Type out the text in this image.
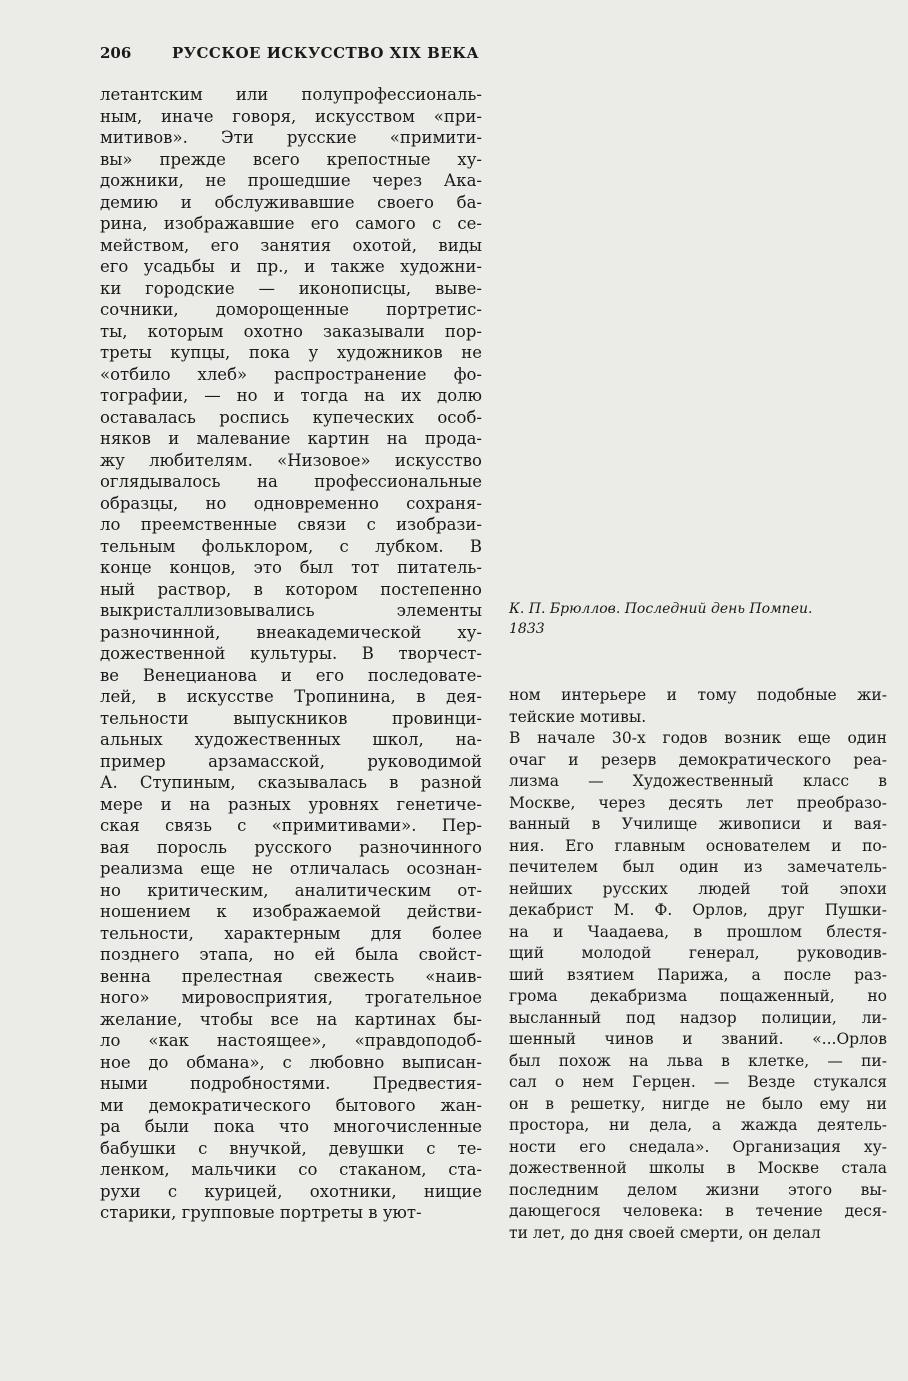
206	РУССКОЕ ИСКУССТВО XIX ВЕКА
летантским или полупрофессиональ-
ным, иначе говоря, искусством «при-
митивов». Эти русские «примити-
вы» прежде всего крепостные ху-
дожники, не прошедшие через Ака-
демию и обслуживавшие своего ба-
рина, изображавшие его самого с се-
мейством, его занятия охотой, виды
его усадьбы и пр., и также художни-
ки городские — иконописцы, выве-
сочники, доморощенные портретис-
ты, которым охотно заказывали пор-
треты купцы, пока у художников не
«отбило хлеб» распространение фо-
тографии, — но и тогда на их долю
оставалась роспись купеческих особ-
няков и малевание картин на прода-
жу любителям. «Низовое» искусство
оглядывалось на профессиональные
образцы, но одновременно сохраня-
ло преемственные связи с изобрази-
тельным фольклором, с лубком. В
конце концов, это был тот питатель-
ный раствор, в котором постепенно
выкристаллизовывались элементы
разночинной, внеакадемической ху-
дожественной культуры. В творчест-
ве Венецианова и его последовате-
лей, в искусстве Тропинина, в дея-
тельности выпускников провинци-
альных художественных школ, на-
пример арзамасской, руководимой
А. Ступиным, сказывалась в разной
мере и на разных уровнях генетиче-
ская связь с «примитивами». Пер-
вая поросль русского разночинного
реализма еще не отличалась осознан-
но критическим, аналитическим от-
ношением к изображаемой действи-
тельности, характерным для более
позднего этапа, но ей была свойст-
венна прелестная свежесть «наив-
ного» мировосприятия, трогательное
желание, чтобы все на картинах бы-
ло «как настоящее», «правдоподоб-
ное до обмана», с любовно выписан-
ными подробностями. Предвестия-
ми демократического бытового жан-
ра были пока что многочисленные
бабушки с внучкой, девушки с те-
ленком, мальчики со стаканом, ста-
рухи с курицей, охотники, нищие
старики, групповые портреты в уют-
К. П. Брюллов. Последний день Помпеи.
1833
ном интерьере и тому подобные жи-
тейские мотивы.
В начале 30-х годов возник еще один
очаг и резерв демократического реа-
лизма — Художественный класс в
Москве, через десять лет преобразо-
ванный в Училище живописи и вая-
ния. Его главным основателем и по-
печителем был один из замечатель-
нейших русских людей той эпохи
декабрист М. Ф. Орлов, друг Пушки-
на и Чаадаева, в прошлом блестя-
щий молодой генерал, руководив-
ший взятием Парижа, а после раз-
грома декабризма пощаженный, но
высланный под надзор полиции, ли-
шенный чинов и званий. «...Орлов
был похож на льва в клетке, — пи-
сал о нем Герцен. — Везде стукался
он в решетку, нигде не было ему ни
простора, ни дела, а жажда деятель-
ности его снедала». Организация ху-
дожественной школы в Москве стала
последним делом жизни этого вы-
дающегося человека: в течение деся-
ти лет, до дня своей смерти, он делал
